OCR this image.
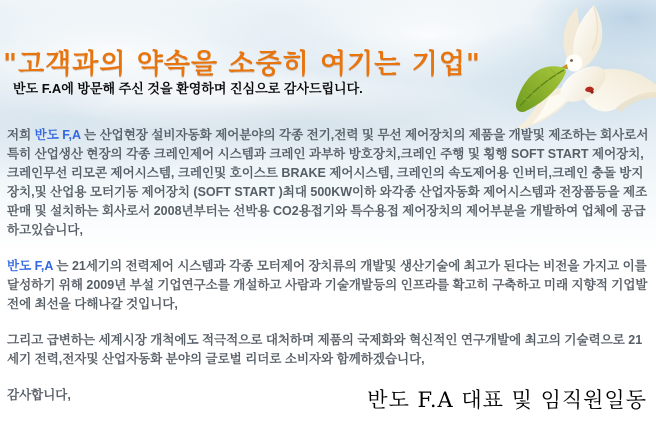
"고객과의 약속을 소중히 여기는 기업"
반도 F.A에 방문해 주신 것을 환영하며 진심으로 감사드립니다.

저희 반도 F,A 는 산업현장 설비자동화 제어분야의 각종 전기,전력 및 무선 제어장치의 제품을 개발및 제조하는 회사로서 특히 산업생산 현장의 각종 크레인제어 시스템과 크레인 과부하 방호장치,크레인 주행 및 횡행 SOFT START 제어장치,크레인무선 리모콘 제어시스템, 크레인및 호이스트 BRAKE 제어시스템, 크레인의 속도제어용 인버터,크레인 충돌 방지장치,및 산업용 모터기동 제어장치 (SOFT START )최대 500KW이하 와각종 산업자동화 제어시스템과 전장품등을 제조 판매 및 설치하는 회사로서 2008년부터는 선박용 CO2용접기와 특수용접 제어장치의 제어부분을 개발하여 업체에 공급 하고있습니다,

반도 F,A 는 21세기의 전력제어 시스템과 각종 모터제어 장치류의 개발및 생산기술에 최고가 된다는 비전을 가지고 이를 달성하기 위해 2009년 부설 기업연구소를 개설하고 사람과 기술개발등의 인프라를 확고히 구축하고 미래 지향적 기업발전에 최선을 다해나갈 것입니다,

그리고 급변하는 세계시장 개척에도 적극적으로 대처하며 제품의 국제화와 혁신적인 연구개발에 최고의 기술력으로 21세기 전력,전자및 산업자동화 분야의 글로벌 리더로 소비자와 함께하겠습니다,

감사합니다,	반도 F.A 대표 및 임직원일동
